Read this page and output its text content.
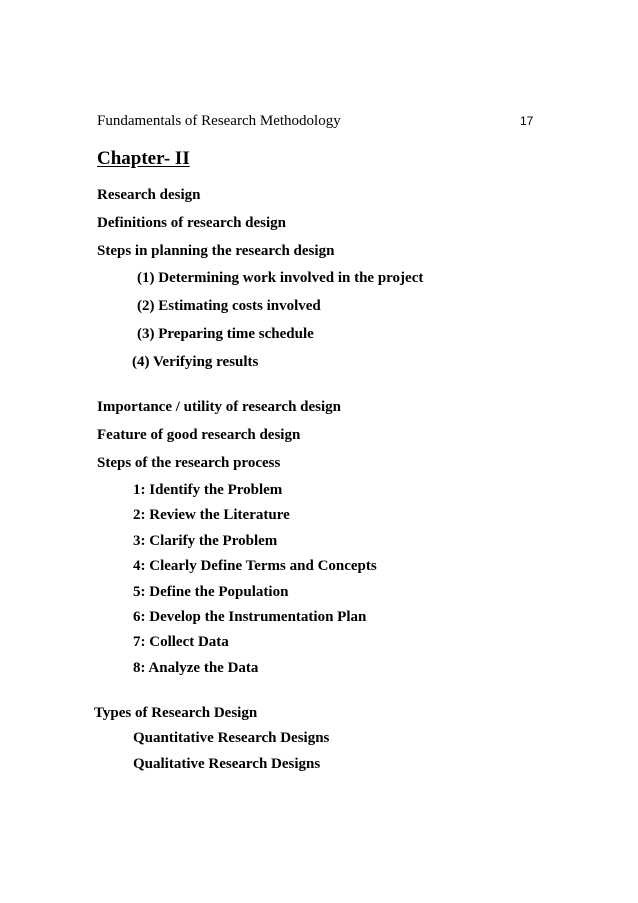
Fundamentals of Research Methodology	17
Chapter- II
Research design
Definitions of research design
Steps in planning the research design
(1) Determining work involved in the project
(2) Estimating costs involved
(3) Preparing time schedule
(4) Verifying results
Importance / utility of research design
Feature of good research design
Steps of the research process
1: Identify the Problem
2: Review the Literature
3: Clarify the Problem
4: Clearly Define Terms and Concepts
5: Define the Population
6: Develop the Instrumentation Plan
7: Collect Data
8: Analyze the Data
Types of Research Design
Quantitative Research Designs
Qualitative Research Designs
